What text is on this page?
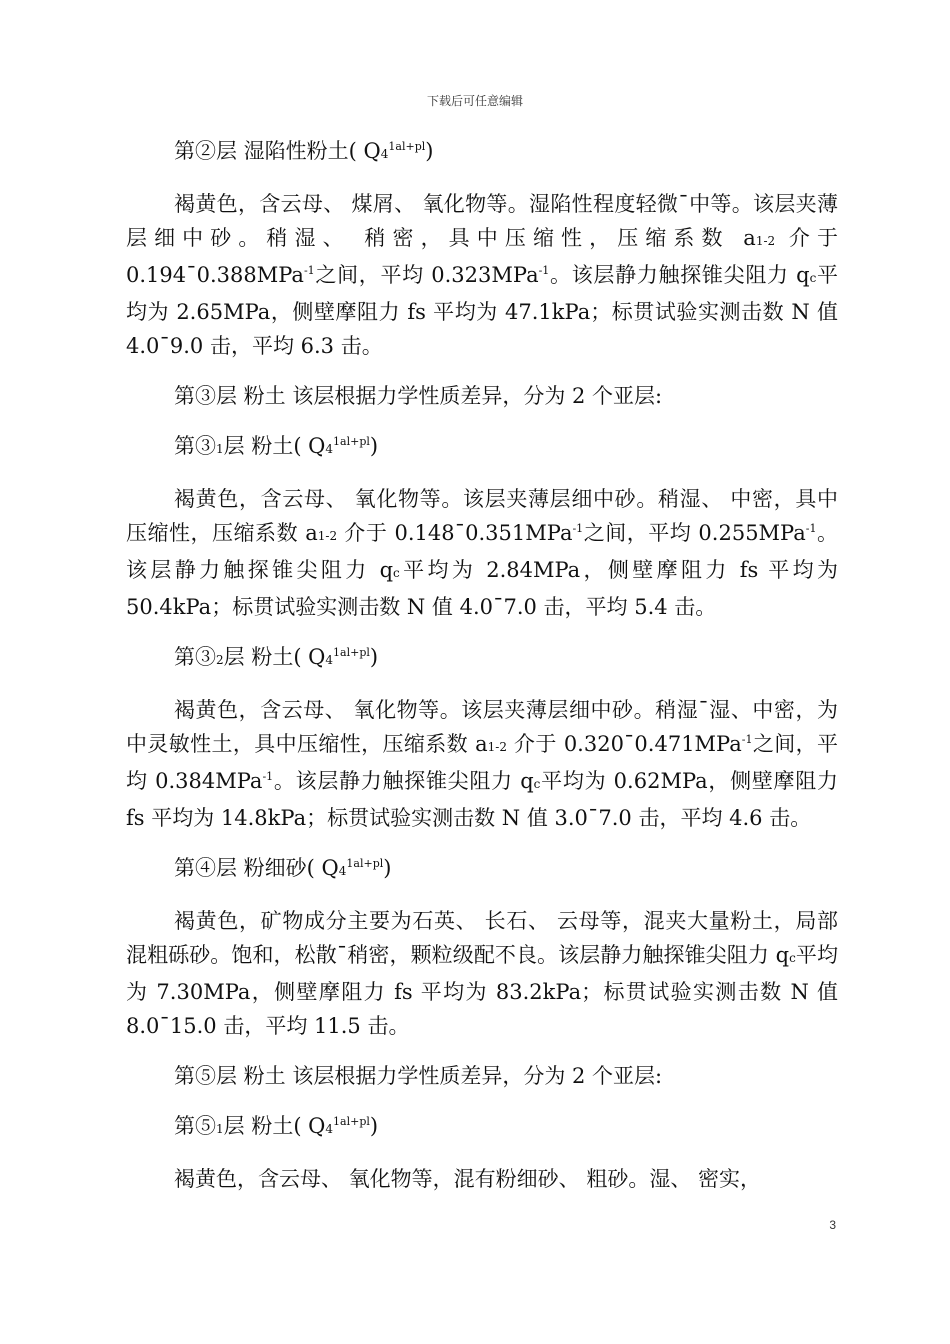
下载后可任意编辑

第②层 湿陷性粉土( $Q4^{1al+pl}$)

褐黄色，含云母、 煤屑、 氧化物等。湿陷性程度轻微¯中等。该层夹薄层细中砂。稍湿、 稍密，具中压缩性，压缩系数 a1-2 介于 0.194¯0.388MPa$^{-1}$之间，平均 0.323MPa$^{-1}$。该层静力触探锥尖阻力 qc平均为 2.65MPa，侧壁摩阻力 fs 平均为 47.1kPa；标贯试验实测击数 N 值 4.0¯9.0 击，平均 6.3 击。

第③层 粉土 该层根据力学性质差异，分为 2 个亚层:

第③1层 粉土( $Q4^{1al+pl}$)

褐黄色，含云母、 氧化物等。该层夹薄层细中砂。稍湿、 中密，具中压缩性，压缩系数 a1-2 介于 0.148¯0.351MPa$^{-1}$之间，平均 0.255MPa$^{-1}$。该层静力触探锥尖阻力 qc平均为 2.84MPa，侧壁摩阻力 fs 平均为 50.4kPa；标贯试验实测击数 N 值 4.0¯7.0 击，平均 5.4 击。

第③2层 粉土( $Q4^{1al+pl}$)

褐黄色，含云母、 氧化物等。该层夹薄层细中砂。稍湿¯湿、中密，为中灵敏性土，具中压缩性，压缩系数 a1-2 介于 0.320¯0.471MPa$^{-1}$之间，平均 0.384MPa$^{-1}$。该层静力触探锥尖阻力 qc平均为 0.62MPa，侧壁摩阻力 fs 平均为 14.8kPa；标贯试验实测击数 N 值 3.0¯7.0 击，平均 4.6 击。

第④层 粉细砂( $Q4^{1al+pl}$)

褐黄色，矿物成分主要为石英、 长石、 云母等，混夹大量粉土，局部混粗砾砂。饱和，松散¯稍密，颗粒级配不良。该层静力触探锥尖阻力 qc平均为 7.30MPa，侧壁摩阻力 fs 平均为 83.2kPa；标贯试验实测击数 N 值 8.0¯15.0 击，平均 11.5 击。

第⑤层 粉土 该层根据力学性质差异，分为 2 个亚层:

第⑤1层 粉土( $Q4^{1al+pl}$)

褐黄色，含云母、 氧化物等，混有粉细砂、 粗砂。湿、 密实，

3
